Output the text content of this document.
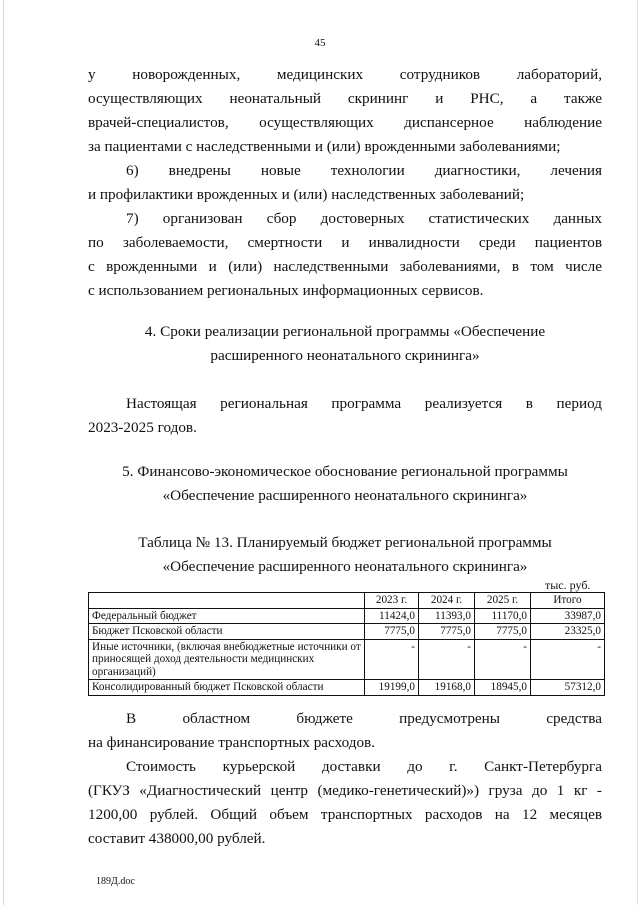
45
у новорожденных, медицинских сотрудников лабораторий,
осуществляющих неонатальный скрининг и РНС, а также
врачей-специалистов, осуществляющих диспансерное наблюдение
за пациентами с наследственными и (или) врожденными заболеваниями;
6) внедрены новые технологии диагностики, лечения
и профилактики врожденных и (или) наследственных заболеваний;
7) организован сбор достоверных статистических данных
по заболеваемости, смертности и инвалидности среди пациентов
с врожденными и (или) наследственными заболеваниями, в том числе
с использованием региональных информационных сервисов.
4. Сроки реализации региональной программы «Обеспечение
расширенного неонатального скрининга»
Настоящая региональная программа реализуется в период
2023-2025 годов.
5. Финансово-экономическое обоснование региональной программы
«Обеспечение расширенного неонатального скрининга»
Таблица № 13. Планируемый бюджет региональной программы
«Обеспечение расширенного неонатального скрининга»
тыс. руб.
	2023 г.	2024 г.	2025 г.	Итого
Федеральный бюджет	11424,0	11393,0	11170,0	33987,0
Бюджет Псковской области	7775,0	7775,0	7775,0	23325,0
Иные источники, (включая внебюджетные источники от приносящей доход деятельности медицинских организаций)	-	-	-	-
Консолидированный бюджет Псковской области	19199,0	19168,0	18945,0	57312,0
В областном бюджете предусмотрены средства
на финансирование транспортных расходов.
Стоимость курьерской доставки до г. Санкт-Петербурга
(ГКУЗ «Диагностический центр (медико-генетический)») груза до 1 кг -
1200,00 рублей. Общий объем транспортных расходов на 12 месяцев
составит 438000,00 рублей.
189Д.doc
